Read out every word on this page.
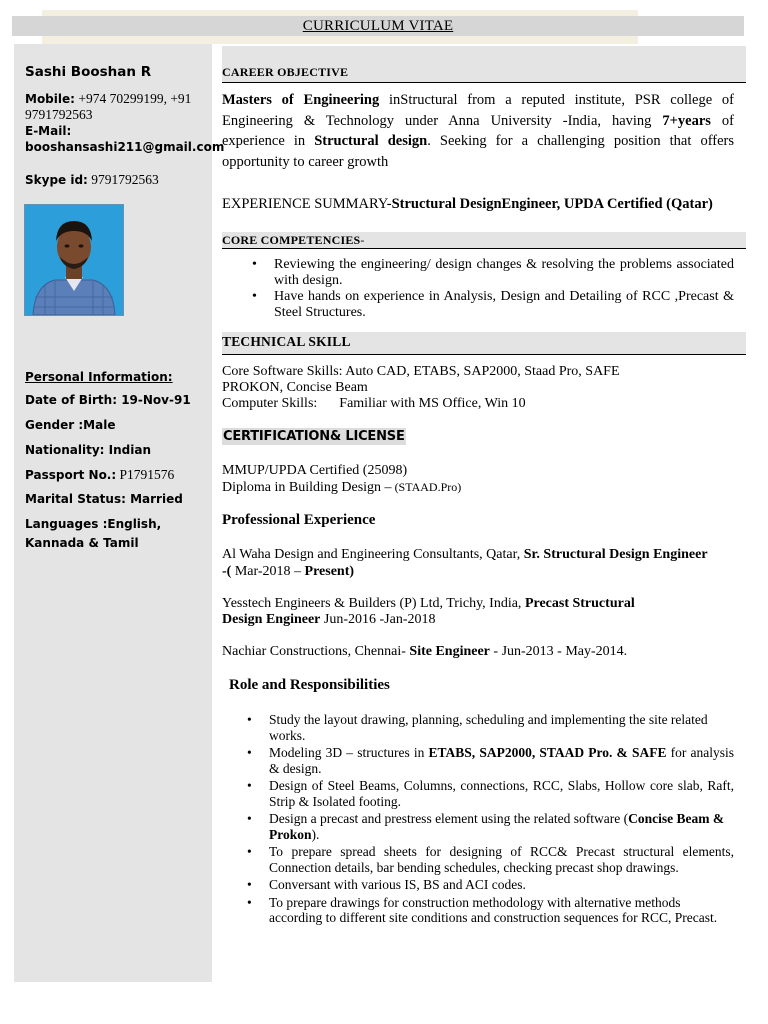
CURRICULUM VITAE
Sashi Booshan R
Mobile: +974 70299199, +91 9791792563
E-Mail:
booshansashi211@gmail.com
Skype id: 9791792563
Personal Information:
Date of Birth: 19-Nov-91
Gender :Male
Nationality: Indian
Passport No.: P1791576
Marital Status: Married
Languages :English, Kannada & Tamil
CAREER OBJECTIVE
Masters of Engineering inStructural from a reputed institute, PSR college of Engineering & Technology under Anna University -India, having 7+years of experience in Structural design. Seeking for a challenging position that offers opportunity to career growth
EXPERIENCE SUMMARY-Structural DesignEngineer, UPDA Certified (Qatar)
CORE COMPETENCIES-
• Reviewing the engineering/ design changes & resolving the problems associated with design.
• Have hands on experience in Analysis, Design and Detailing of RCC ,Precast & Steel Structures.
TECHNICAL SKILL
Core Software Skills: Auto CAD, ETABS, SAP2000, Staad Pro, SAFE
PROKON, Concise Beam
Computer Skills: Familiar with MS Office, Win 10
CERTIFICATION& LICENSE
MMUP/UPDA Certified (25098)
Diploma in Building Design – (STAAD.Pro)
Professional Experience
Al Waha Design and Engineering Consultants, Qatar, Sr. Structural Design Engineer -( Mar-2018 – Present)
Yesstech Engineers & Builders (P) Ltd, Trichy, India, Precast Structural Design Engineer Jun-2016 -Jan-2018
Nachiar Constructions, Chennai- Site Engineer - Jun-2013 - May-2014.
Role and Responsibilities
• Study the layout drawing, planning, scheduling and implementing the site related works.
• Modeling 3D – structures in ETABS, SAP2000, STAAD Pro. & SAFE for analysis & design.
• Design of Steel Beams, Columns, connections, RCC, Slabs, Hollow core slab, Raft, Strip & Isolated footing.
• Design a precast and prestress element using the related software (Concise Beam & Prokon).
• To prepare spread sheets for designing of RCC& Precast structural elements, Connection details, bar bending schedules, checking precast shop drawings.
• Conversant with various IS, BS and ACI codes.
• To prepare drawings for construction methodology with alternative methods according to different site conditions and construction sequences for RCC, Precast.
